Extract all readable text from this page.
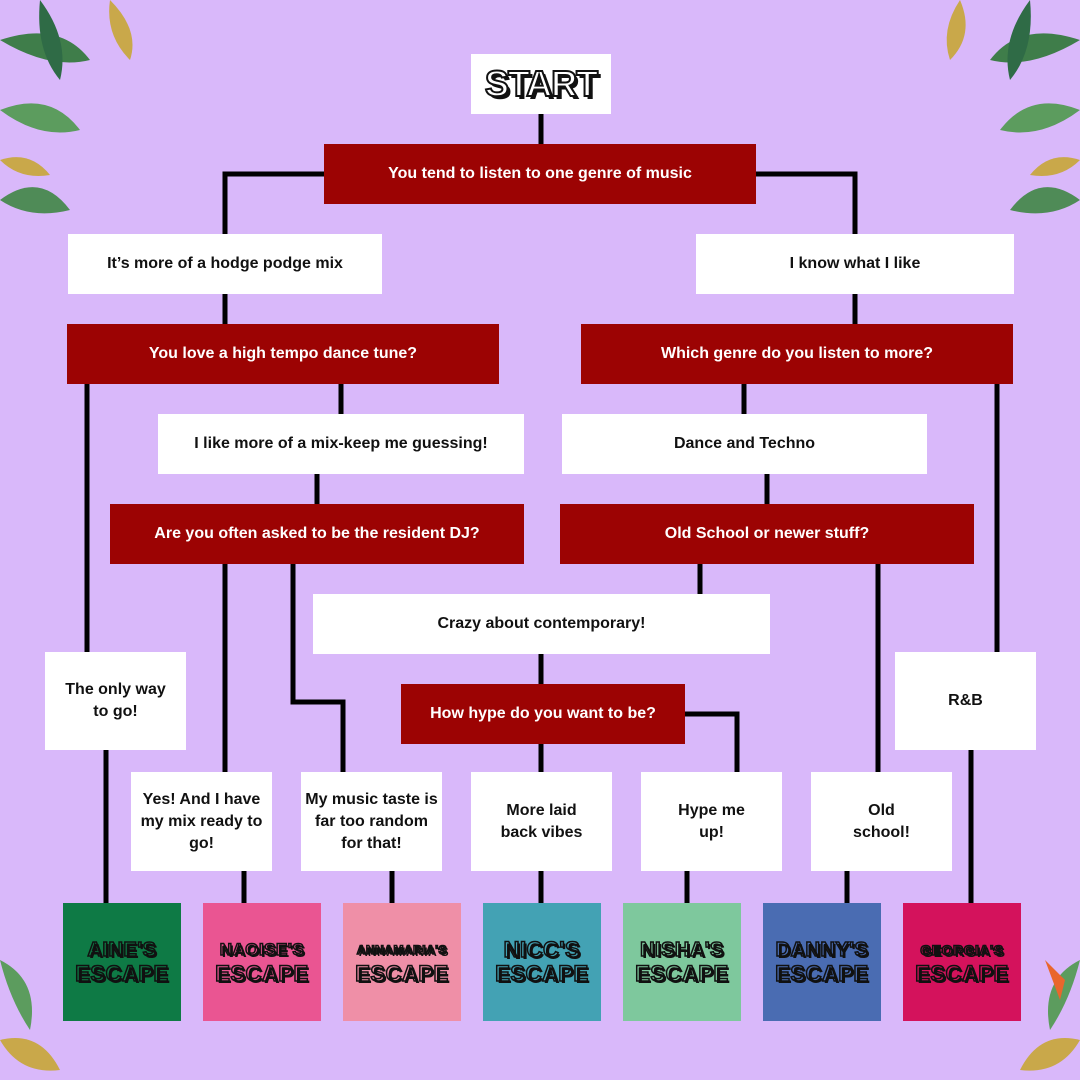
START
You tend to listen to one genre of music
It’s more of a hodge podge mix	I know what I like
You love a high tempo dance tune?	Which genre do you listen to more?
I like more of a mix-keep me guessing!	Dance and Techno
Are you often asked to be the resident DJ?	Old School or newer stuff?
Crazy about contemporary!
The only way to go!
R&B
How hype do you want to be?
Yes! And I have my mix ready to go!
My music taste is far too random for that!
More laid back vibes
Hype me up!
Old school!
AINE'S
ESCAPE
NAOISE'S
ESCAPE
ANNAMARIA'S
ESCAPE
NICC'S
ESCAPE
NISHA'S
ESCAPE
DANNY'S
ESCAPE
GEORGIA'S
ESCAPE
